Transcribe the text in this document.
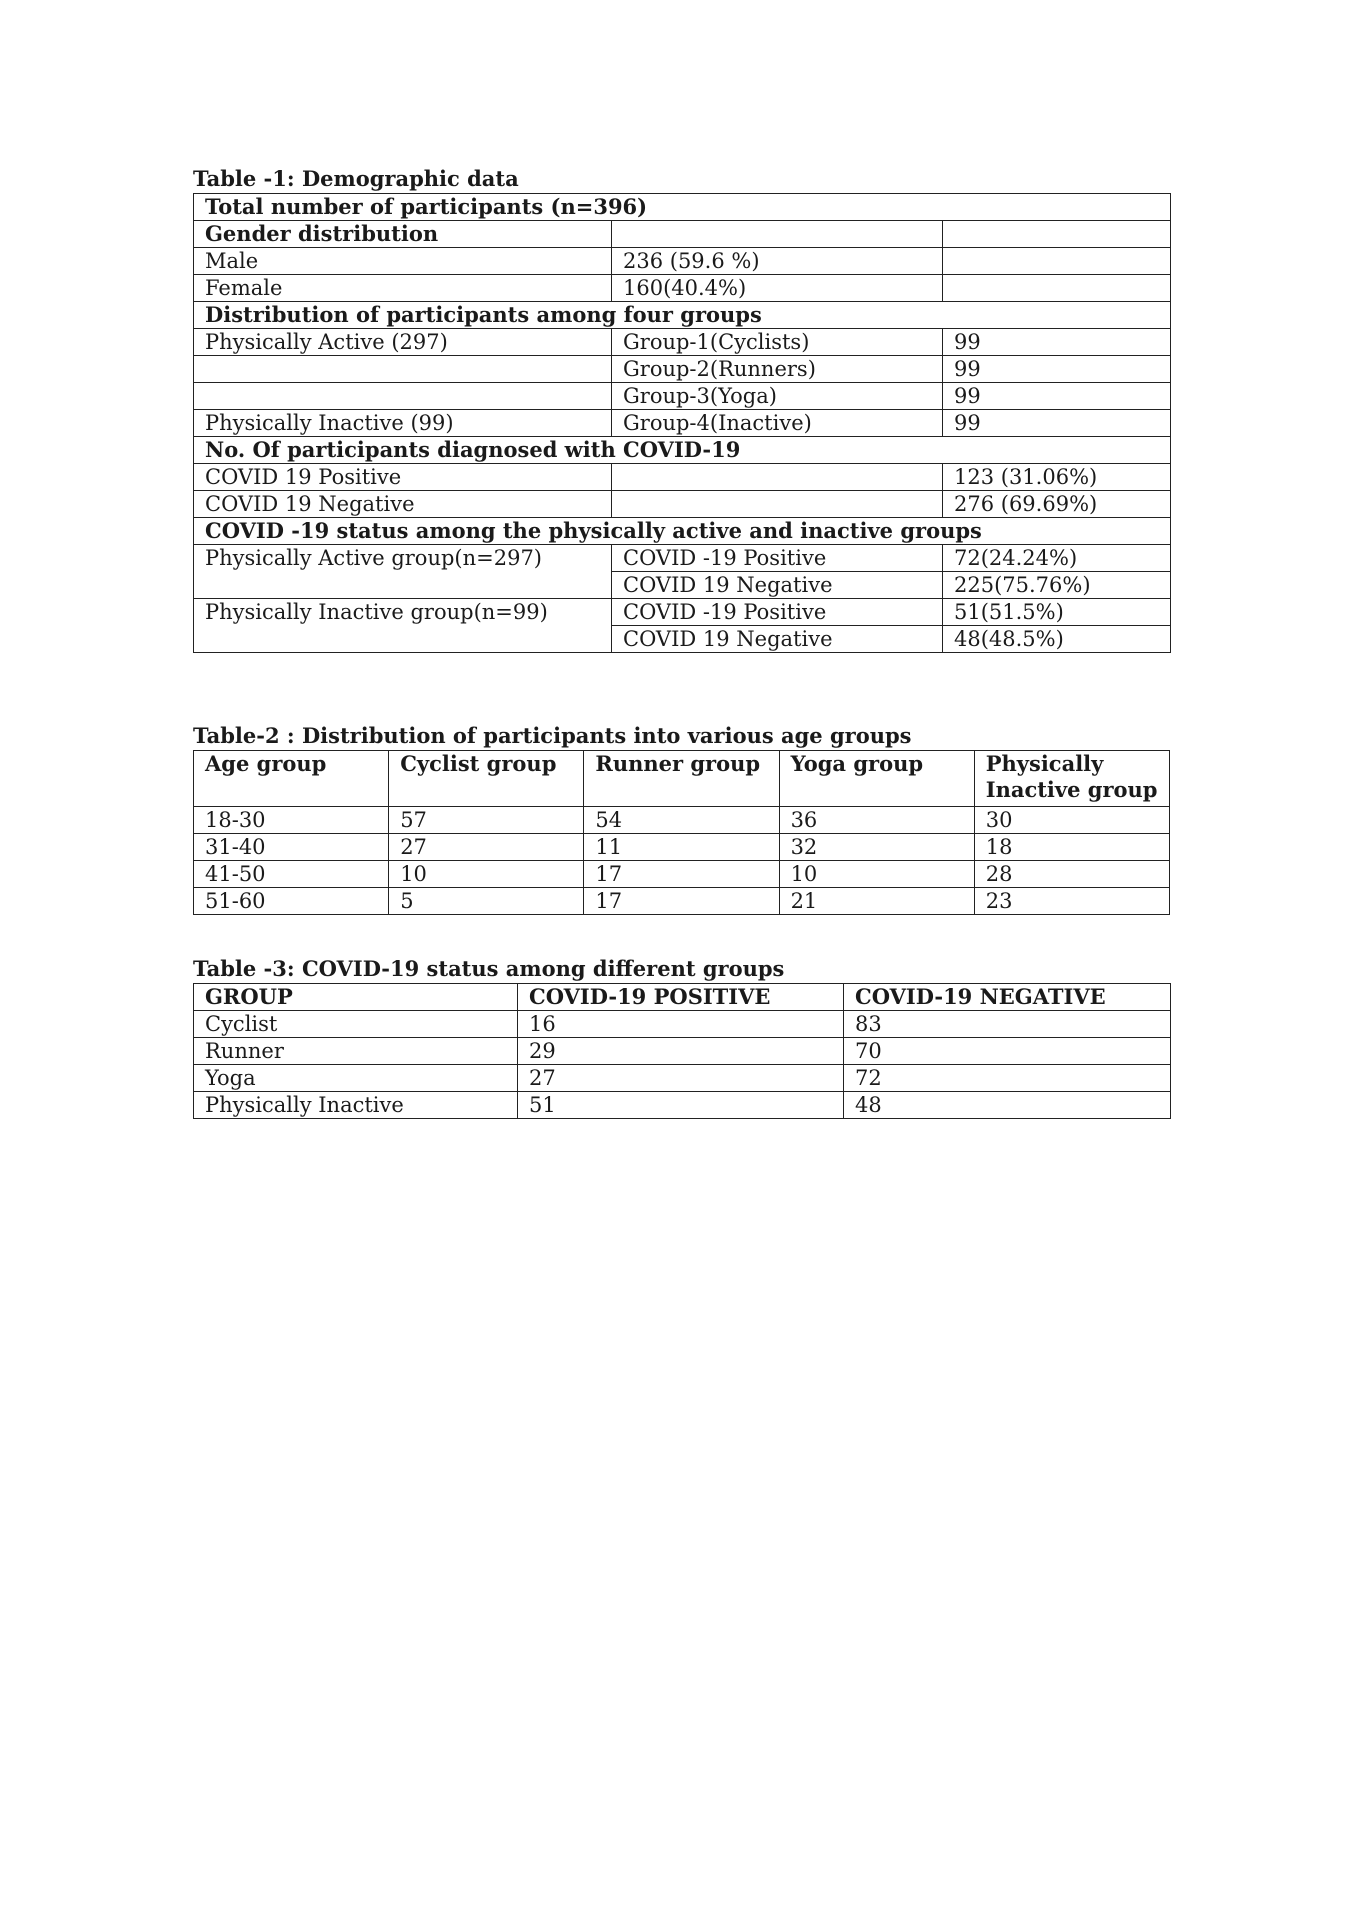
Table -1: Demographic data

Total number of participants (n=396)		
Gender distribution		
Male	236 (59.6 %)	
Female	160(40.4%)	
Distribution of participants among four groups		
Physically Active (297)	Group-1(Cyclists)	99
	Group-2(Runners)	99
	Group-3(Yoga)	99
Physically Inactive (99)	Group-4(Inactive)	99
No. Of participants diagnosed with COVID-19		
COVID 19 Positive		123 (31.06%)
COVID 19 Negative		276 (69.69%)
COVID -19 status among the physically active and inactive groups		
Physically Active group(n=297)	COVID -19 Positive	72(24.24%)
	COVID 19 Negative	225(75.76%)
Physically Inactive group(n=99)	COVID -19 Positive	51(51.5%)
	COVID 19 Negative	48(48.5%)

Table-2 : Distribution of participants into various age groups

Age group	Cyclist group	Runner group	Yoga group	Physically Inactive group
18-30	57	54	36	30
31-40	27	11	32	18
41-50	10	17	10	28
51-60	5	17	21	23

Table -3: COVID-19 status among different groups

GROUP	COVID-19 POSITIVE	COVID-19 NEGATIVE
Cyclist	16	83
Runner	29	70
Yoga	27	72
Physically Inactive	51	48
